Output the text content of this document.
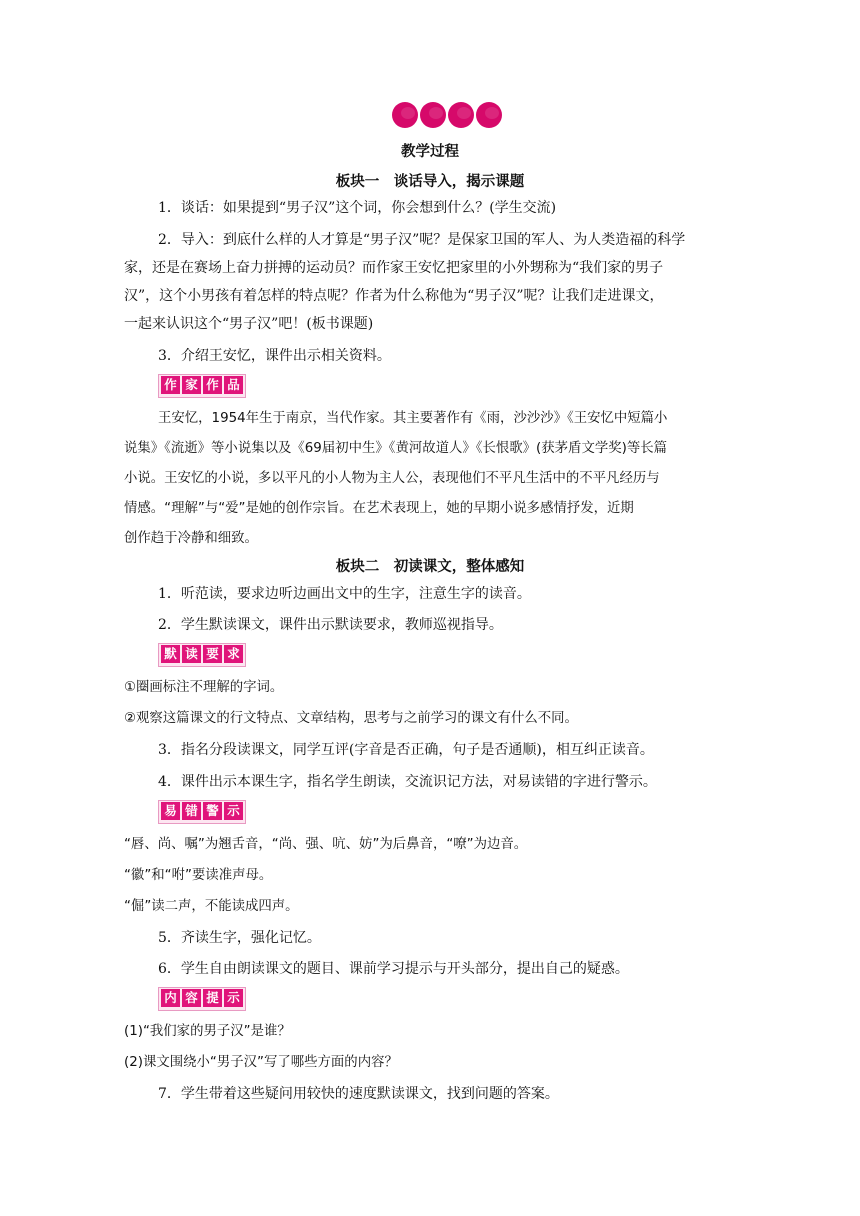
教学过程
板块一　谈话导入，揭示课题
1．谈话：如果提到“男子汉”这个词，你会想到什么？(学生交流)
2．导入：到底什么样的人才算是“男子汉”呢？是保家卫国的军人、为人类造福的科学
家，还是在赛场上奋力拼搏的运动员？而作家王安忆把家里的小外甥称为“我们家的男子
汉”，这个小男孩有着怎样的特点呢？作者为什么称他为“男子汉”呢？让我们走进课文，
一起来认识这个“男子汉”吧！(板书课题)
3．介绍王安忆，课件出示相关资料。
作 家 作 品
王安忆，1954年生于南京，当代作家。其主要著作有《雨，沙沙沙》《王安忆中短篇小
说集》《流逝》等小说集以及《69届初中生》《黄河故道人》《长恨歌》(获茅盾文学奖)等长篇
小说。王安忆的小说，多以平凡的小人物为主人公，表现他们不平凡生活中的不平凡经历与
情感。“理解”与“爱”是她的创作宗旨。在艺术表现上，她的早期小说多感情抒发，近期
创作趋于冷静和细致。
板块二　初读课文，整体感知
1．听范读，要求边听边画出文中的生字，注意生字的读音。
2．学生默读课文，课件出示默读要求，教师巡视指导。
默 读 要 求
①圈画标注不理解的字词。
②观察这篇课文的行文特点、文章结构，思考与之前学习的课文有什么不同。
3．指名分段读课文，同学互评(字音是否正确，句子是否通顺)，相互纠正读音。
4．课件出示本课生字，指名学生朗读，交流识记方法，对易读错的字进行警示。
易 错 警 示
“唇、尚、嘱”为翘舌音，“尚、强、吭、妨”为后鼻音，“嘹”为边音。
“徽”和“咐”要读准声母。
“倔”读二声，不能读成四声。
5．齐读生字，强化记忆。
6．学生自由朗读课文的题目、课前学习提示与开头部分，提出自己的疑惑。
内 容 提 示
(1)“我们家的男子汉”是谁？
(2)课文围绕小“男子汉”写了哪些方面的内容？
7．学生带着这些疑问用较快的速度默读课文，找到问题的答案。
